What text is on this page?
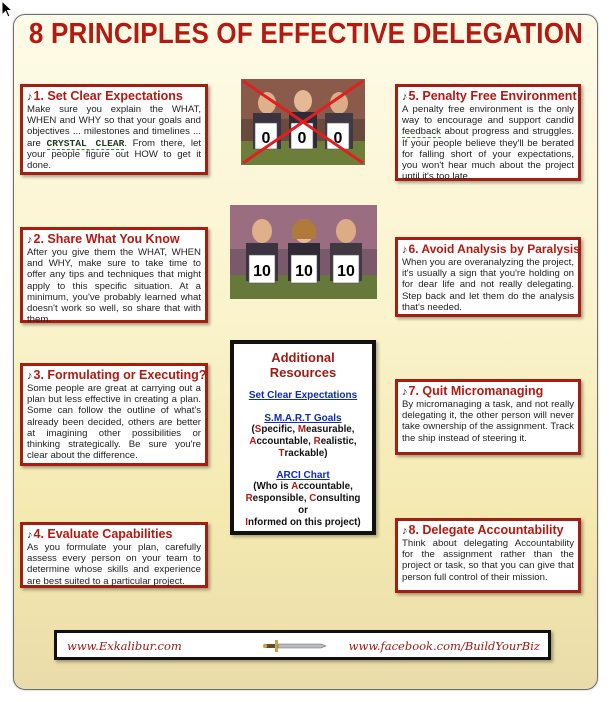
8 PRINCIPLES OF EFFECTIVE DELEGATION
♪1. Set Clear Expectations
Make sure you explain the WHAT, WHEN and WHY so that your goals and objectives ... milestones and timelines ... are CRYSTAL CLEAR. From there, let your people figure out HOW to get it done.
♪2. Share What You Know
After you give them the WHAT, WHEN and WHY, make sure to take time to offer any tips and techniques that might apply to this specific situation. At a minimum, you've probably learned what doesn't work so well, so share that with them.
♪3. Formulating or Executing?
Some people are great at carrying out a plan but less effective in creating a plan. Some can follow the outline of what's already been decided, others are better at imagining other possibilities or thinking strategically. Be sure you're clear about the difference.
♪4. Evaluate Capabilities
As you formulate your plan, carefully assess every person on your team to determine whose skills and experience are best suited to a particular project.
♪5. Penalty Free Environment
A penalty free environment is the only way to encourage and support candid feedback about progress and struggles. If your people believe they'll be berated for falling short of your expectations, you won't hear much about the project until it's too late.
♪6. Avoid Analysis by Paralysis
When you are overanalyzing the project, it's usually a sign that you're holding on for dear life and not really delegating. Step back and let them do the analysis that's needed.
♪7. Quit Micromanaging
By micromanaging a task, and not really delegating it, the other person will never take ownership of the assignment. Track the ship instead of steering it.
♪8. Delegate Accountability
Think about delegating Accountability for the assignment rather than the project or task, so that you can give that person full control of their mission.
0 0 0
10 10 10
Additional Resources
Set Clear Expectations
S.M.A.R.T Goals
(Specific, Measurable,
Accountable, Realistic,
Trackable)
ARCI Chart
(Who is Accountable,
Responsible, Consulting or
Informed on this project)
www.Exkalibur.com	www.facebook.com/BuildYourBiz
